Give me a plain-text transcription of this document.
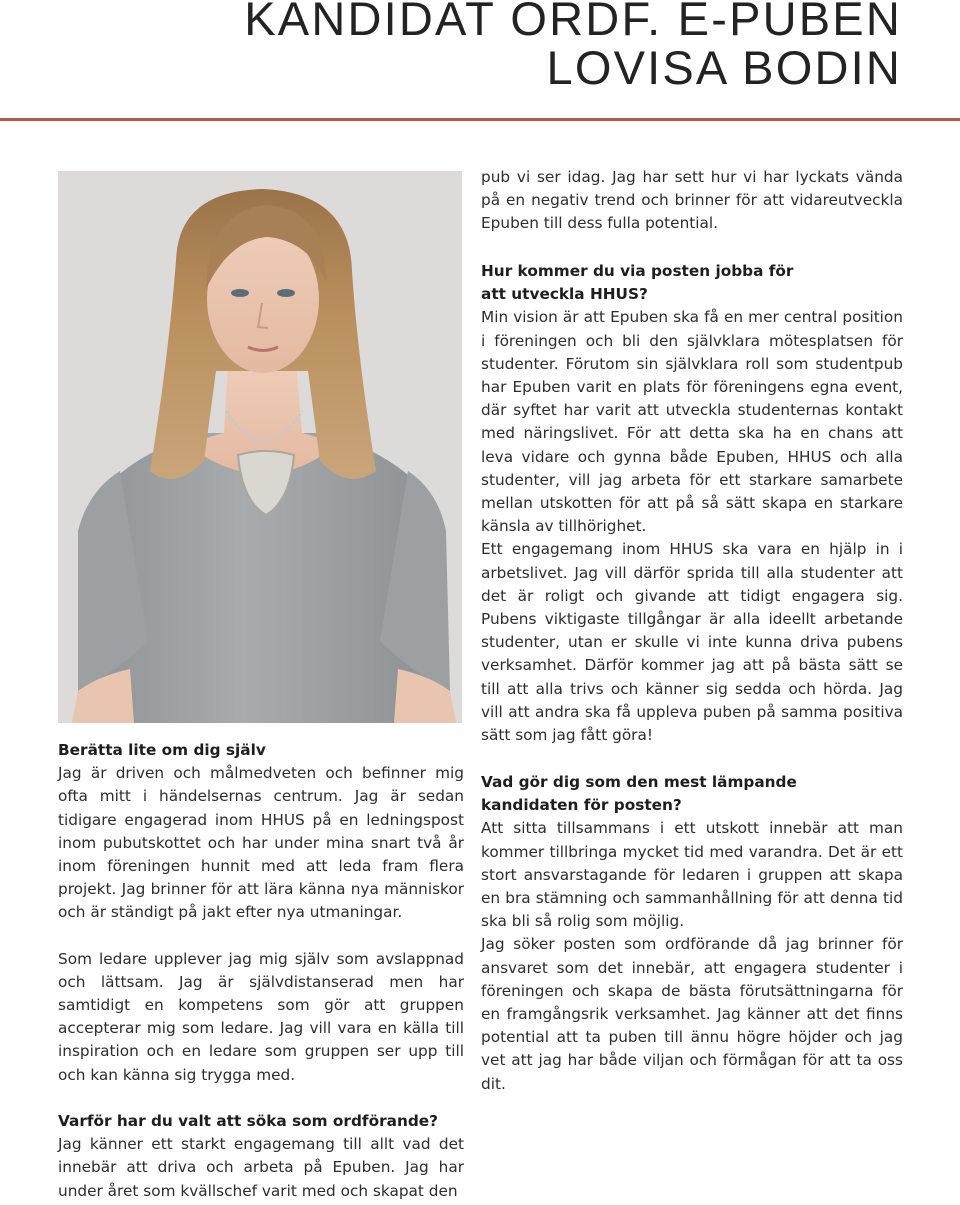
KANDIDAT ORDF. E-PUBEN
LOVISA BODIN

Berätta lite om dig själv

Jag är driven och målmedveten och befinner mig ofta mitt i händelsernas centrum. Jag är sedan tidigare engagerad inom HHUS på en ledningspost inom pubutskottet och har under mina snart två år inom föreningen hunnit med att leda fram flera projekt. Jag brinner för att lära känna nya människor och är ständigt på jakt efter nya utmaningar.

Som ledare upplever jag mig själv som avslappnad och lättsam. Jag är självdistanserad men har samtidigt en kompetens som gör att gruppen accepterar mig som ledare. Jag vill vara en källa till inspiration och en ledare som gruppen ser upp till och kan känna sig trygga med.

Varför har du valt att söka som ordförande?

Jag känner ett starkt engagemang till allt vad det innebär att driva och arbeta på Epuben. Jag har under året som kvällschef varit med och skapat den

pub vi ser idag. Jag har sett hur vi har lyckats vända på en negativ trend och brinner för att vidareutveckla Epuben till dess fulla potential.

Hur kommer du via posten jobba för att utveckla HHUS?

Min vision är att Epuben ska få en mer central position i föreningen och bli den självklara mötesplatsen för studenter. Förutom sin självklara roll som studentpub har Epuben varit en plats för föreningens egna event, där syftet har varit att utveckla studenternas kontakt med näringslivet. För att detta ska ha en chans att leva vidare och gynna både Epuben, HHUS och alla studenter, vill jag arbeta för ett starkare samarbete mellan utskotten för att på så sätt skapa en starkare känsla av tillhörighet.

Ett engagemang inom HHUS ska vara en hjälp in i arbetslivet. Jag vill därför sprida till alla studenter att det är roligt och givande att tidigt engagera sig. Pubens viktigaste tillgångar är alla ideellt arbetande studenter, utan er skulle vi inte kunna driva pubens verksamhet. Därför kommer jag att på bästa sätt se till att alla trivs och känner sig sedda och hörda. Jag vill att andra ska få uppleva puben på samma positiva sätt som jag fått göra!

Vad gör dig som den mest lämpande kandidaten för posten?

Att sitta tillsammans i ett utskott innebär att man kommer tillbringa mycket tid med varandra. Det är ett stort ansvarstagande för ledaren i gruppen att skapa en bra stämning och sammanhållning för att denna tid ska bli så rolig som möjlig.

Jag söker posten som ordförande då jag brinner för ansvaret som det innebär, att engagera studenter i föreningen och skapa de bästa förutsättningarna för en framgångsrik verksamhet. Jag känner att det finns potential att ta puben till ännu högre höjder och jag vet att jag har både viljan och förmågan för att ta oss dit.
